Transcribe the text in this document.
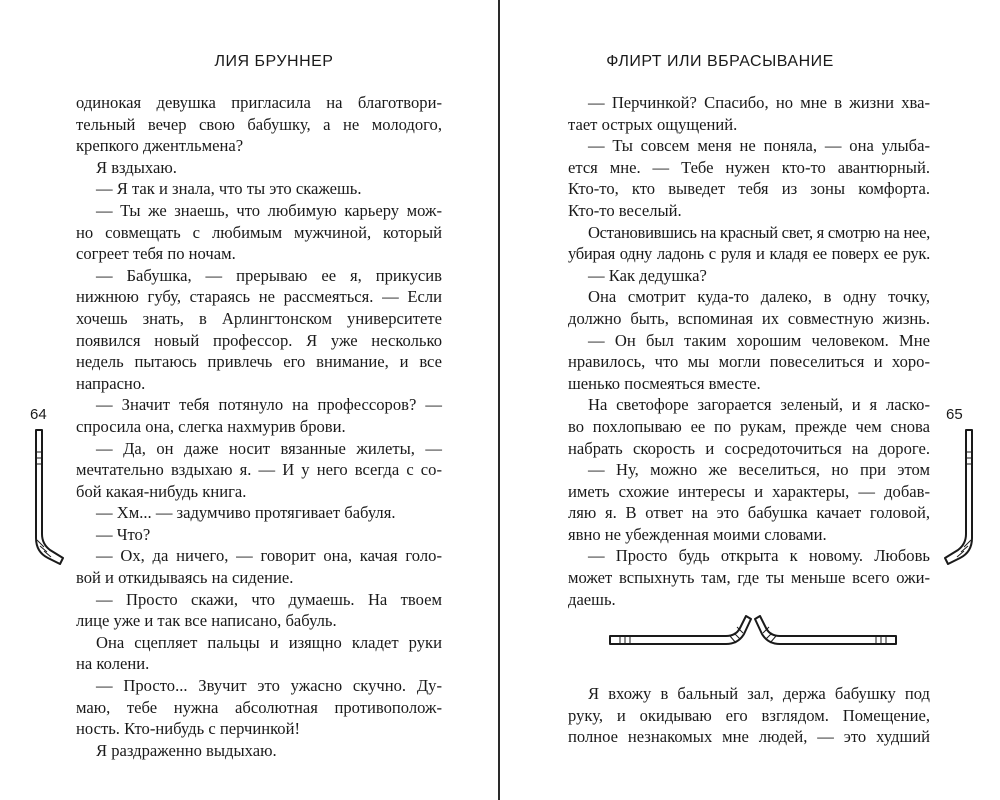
ЛИЯ БРУННЕР
одинокая девушка пригласила на благотвори-
тельный вечер свою бабушку, а не молодого,
крепкого джентльмена?
Я вздыхаю.
— Я так и знала, что ты это скажешь.
— Ты же знаешь, что любимую карьеру мож-
но совмещать с любимым мужчиной, который
согреет тебя по ночам.
— Бабушка, — прерываю ее я, прикусив
нижнюю губу, стараясь не рассмеяться. — Если
хочешь знать, в Арлингтонском университете
появился новый профессор. Я уже несколько
недель пытаюсь привлечь его внимание, и все
напрасно.
— Значит тебя потянуло на профессоров? —
спросила она, слегка нахмурив брови.
— Да, он даже носит вязанные жилеты, —
мечтательно вздыхаю я. — И у него всегда с со-
бой какая-нибудь книга.
— Хм... — задумчиво протягивает бабуля.
— Что?
— Ох, да ничего, — говорит она, качая голо-
вой и откидываясь на сидение.
— Просто скажи, что думаешь. На твоем
лице уже и так все написано, бабуль.
Она сцепляет пальцы и изящно кладет руки
на колени.
— Просто... Звучит это ужасно скучно. Ду-
маю, тебе нужна абсолютная противополож-
ность. Кто-нибудь с перчинкой!
Я раздраженно выдыхаю.
64
ФЛИРТ ИЛИ ВБРАСЫВАНИЕ
— Перчинкой? Спасибо, но мне в жизни хва-
тает острых ощущений.
— Ты совсем меня не поняла, — она улыба-
ется мне. — Тебе нужен кто-то авантюрный.
Кто-то, кто выведет тебя из зоны комфорта.
Кто-то веселый.
Остановившись на красный свет, я смотрю на нее,
убирая одну ладонь с руля и кладя ее поверх ее рук.
— Как дедушка?
Она смотрит куда-то далеко, в одну точку,
должно быть, вспоминая их совместную жизнь.
— Он был таким хорошим человеком. Мне
нравилось, что мы могли повеселиться и хоро-
шенько посмеяться вместе.
На светофоре загорается зеленый, и я ласко-
во похлопываю ее по рукам, прежде чем снова
набрать скорость и сосредоточиться на дороге.
— Ну, можно же веселиться, но при этом
иметь схожие интересы и характеры, — добав-
ляю я. В ответ на это бабушка качает головой,
явно не убежденная моими словами.
— Просто будь открыта к новому. Любовь
может вспыхнуть там, где ты меньше всего ожи-
даешь.
Я вхожу в бальный зал, держа бабушку под
руку, и окидываю его взглядом. Помещение,
полное незнакомых мне людей, — это худший
65
